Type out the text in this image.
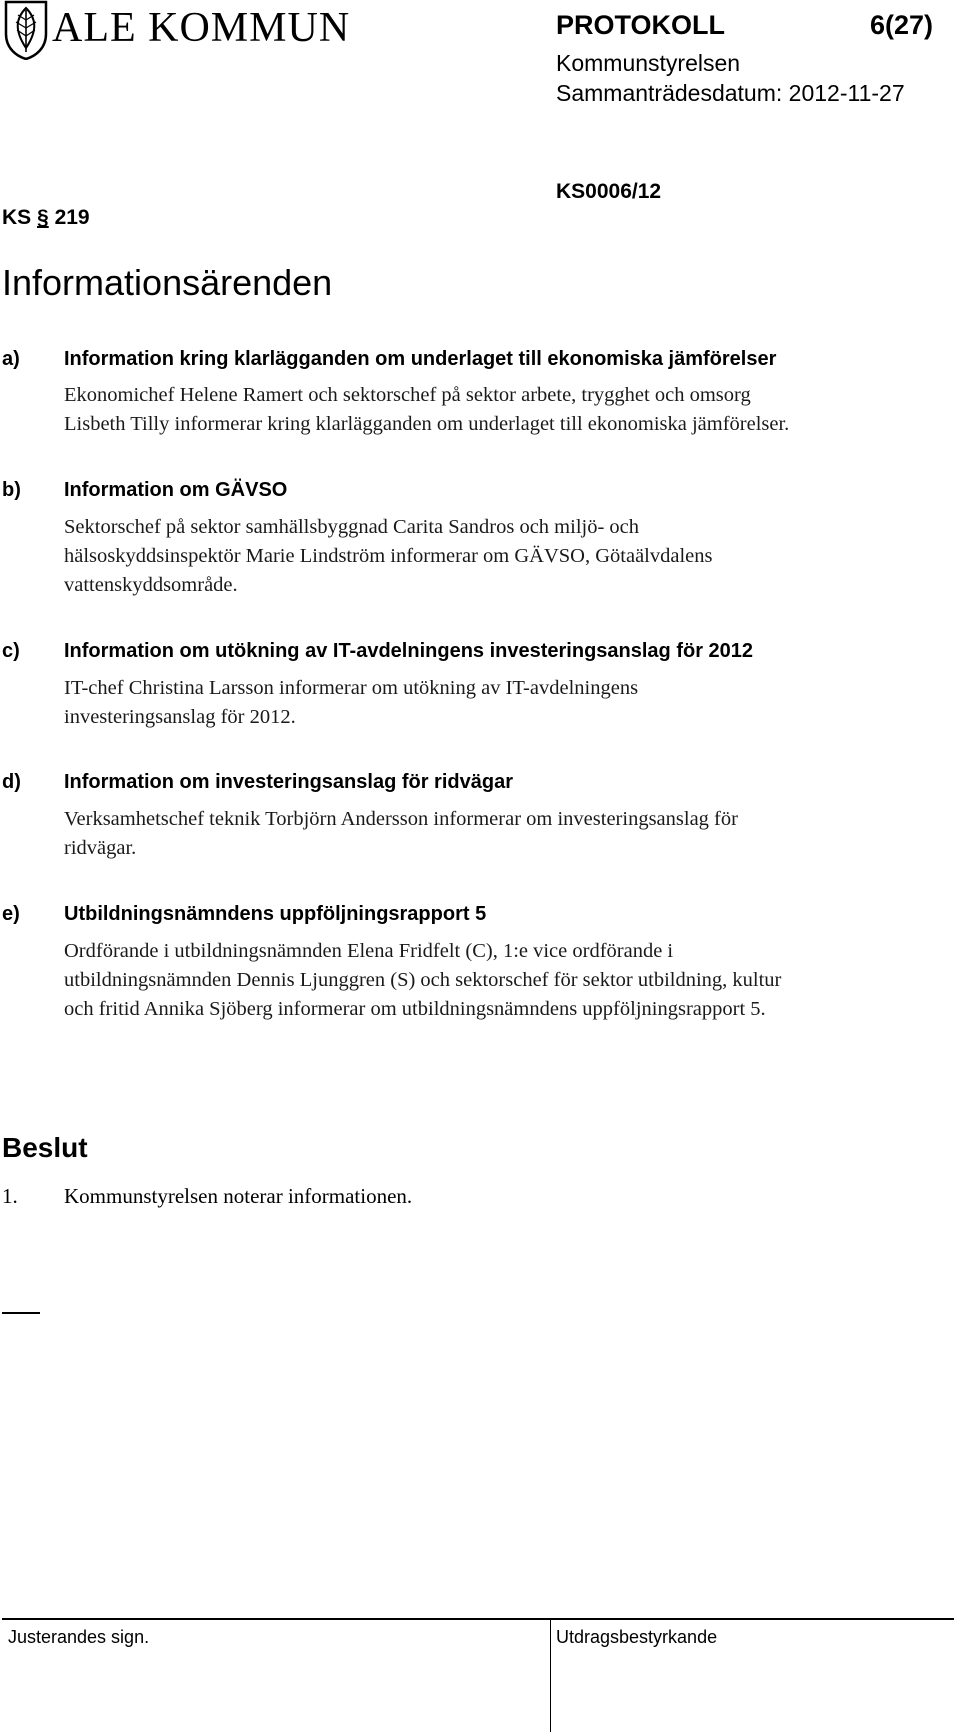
ALE KOMMUN	PROTOKOLL	6(27)
Kommunstyrelsen
Sammanträdesdatum: 2012-11-27
KS § 219
KS0006/12
Informationsärenden
a) Information kring klarlägganden om underlaget till ekonomiska jämförelser
Ekonomichef Helene Ramert och sektorschef på sektor arbete, trygghet och omsorg
Lisbeth Tilly informerar kring klarlägganden om underlaget till ekonomiska jämförelser.
b) Information om GÄVSO
Sektorschef på sektor samhällsbyggnad Carita Sandros och miljö- och
hälsoskyddsinspektör Marie Lindström informerar om GÄVSO, Götaälvdalens
vattenskyddsområde.
c) Information om utökning av IT-avdelningens investeringsanslag för 2012
IT-chef Christina Larsson informerar om utökning av IT-avdelningens
investeringsanslag för 2012.
d) Information om investeringsanslag för ridvägar
Verksamhetschef teknik Torbjörn Andersson informerar om investeringsanslag för
ridvägar.
e) Utbildningsnämndens uppföljningsrapport 5
Ordförande i utbildningsnämnden Elena Fridfelt (C), 1:e vice ordförande i
utbildningsnämnden Dennis Ljunggren (S) och sektorschef för sektor utbildning, kultur
och fritid Annika Sjöberg informerar om utbildningsnämndens uppföljningsrapport 5.
Beslut
1. Kommunstyrelsen noterar informationen.
Justerandes sign.	Utdragsbestyrkande
